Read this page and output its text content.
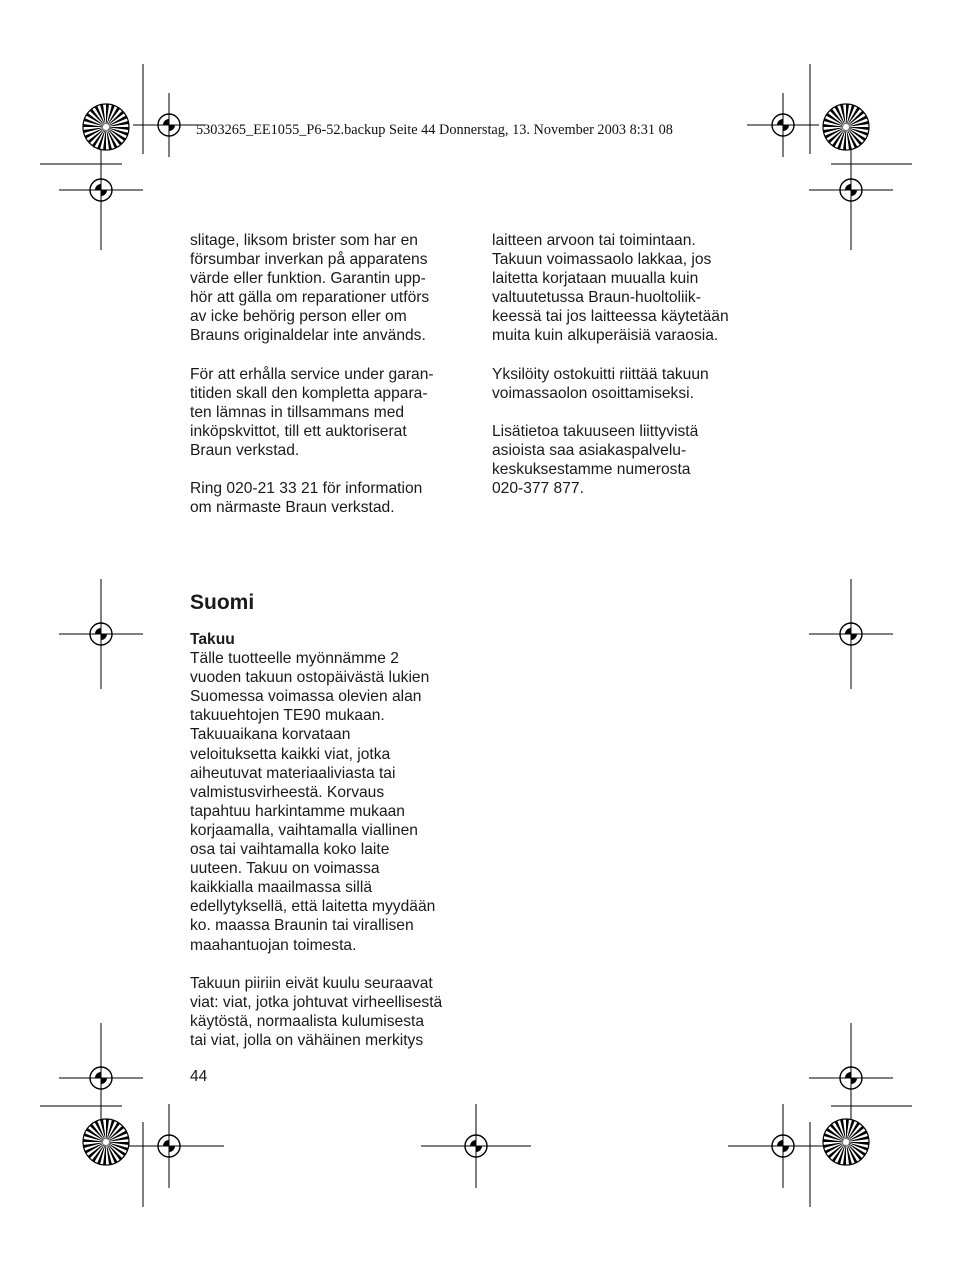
5303265_EE1055_P6-52.backup Seite 44 Donnerstag, 13. November 2003 8:31 08

slitage, liksom brister som har en
försumbar inverkan på apparatens
värde eller funktion. Garantin upp-
hör att gälla om reparationer utförs
av icke behörig person eller om
Brauns originaldelar inte används.

För att erhålla service under garan-
titiden skall den kompletta appara-
ten lämnas in tillsammans med
inköpskvittot, till ett auktoriserat
Braun verkstad.

Ring 020-21 33 21 för information
om närmaste Braun verkstad.

laitteen arvoon tai toimintaan.
Takuun voimassaolo lakkaa, jos
laitetta korjataan muualla kuin
valtuutetussa Braun-huoltoliik-
keessä tai jos laitteessa käytetään
muita kuin alkuperäisiä varaosia.

Yksilöity ostokuitti riittää takuun
voimassaolon osoittamiseksi.

Lisätietoa takuuseen liittyvistä
asioista saa asiakaspalvelu-
keskuksestamme numerosta
020-377 877.

Suomi

Takuu

Tälle tuotteelle myönnämme 2
vuoden takuun ostopäivästä lukien
Suomessa voimassa olevien alan
takuuehtojen TE90 mukaan.
Takuuaikana korvataan
veloituksetta kaikki viat, jotka
aiheutuvat materiaaliviasta tai
valmistusvirheestä. Korvaus
tapahtuu harkintamme mukaan
korjaamalla, vaihtamalla viallinen
osa tai vaihtamalla koko laite
uuteen. Takuu on voimassa
kaikkialla maailmassa sillä
edellytyksellä, että laitetta myydään
ko. maassa Braunin tai virallisen
maahantuojan toimesta.

Takuun piiriin eivät kuulu seuraavat
viat: viat, jotka johtuvat virheellisestä
käytöstä, normaalista kulumisesta
tai viat, jolla on vähäinen merkitys

44
